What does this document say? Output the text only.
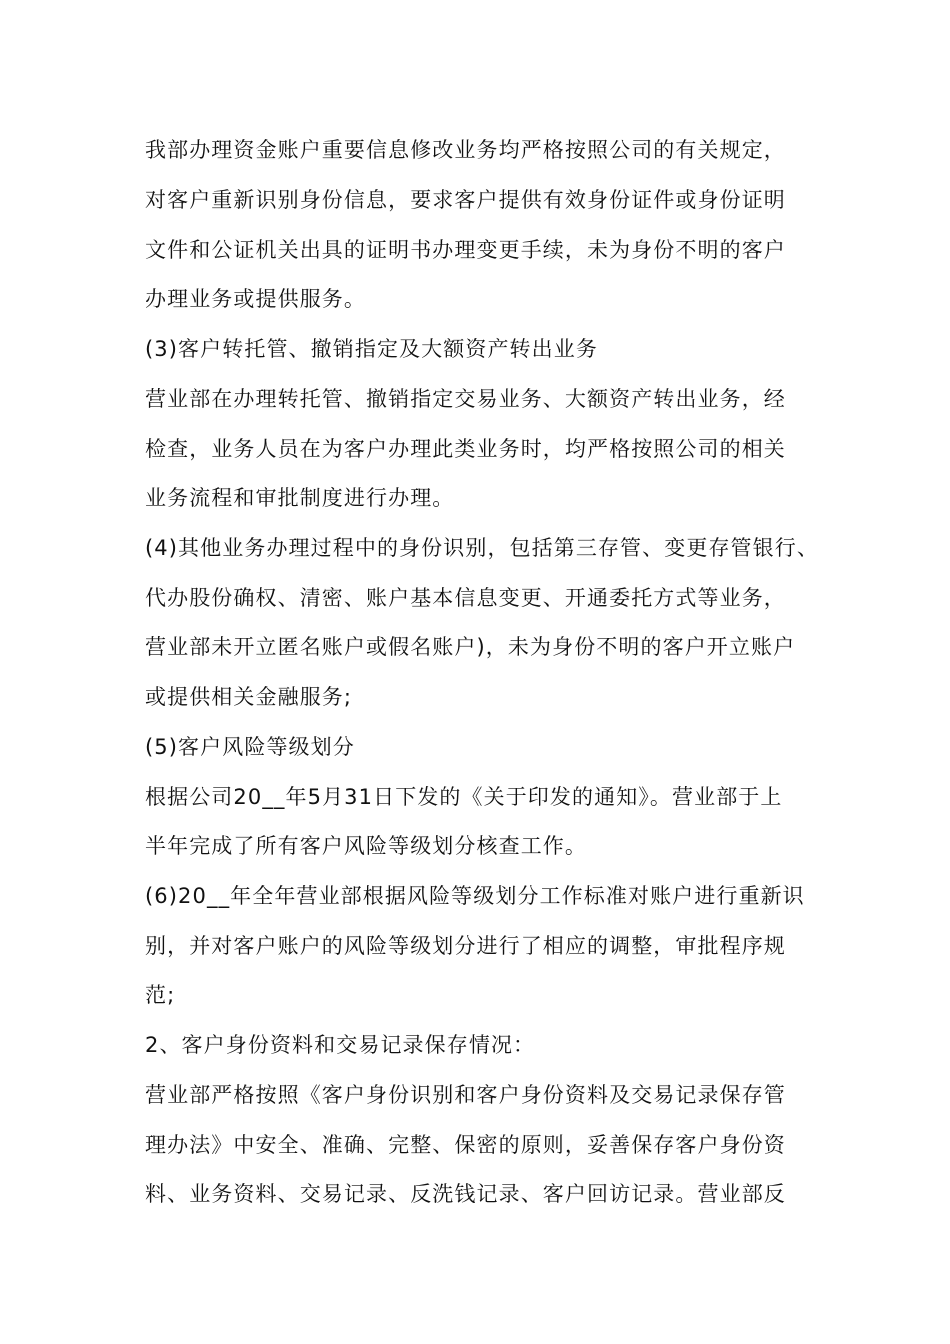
我部办理资金账户重要信息修改业务均严格按照公司的有关规定，
对客户重新识别身份信息，要求客户提供有效身份证件或身份证明
文件和公证机关出具的证明书办理变更手续，未为身份不明的客户
办理业务或提供服务。
(3)客户转托管、撤销指定及大额资产转出业务
营业部在办理转托管、撤销指定交易业务、大额资产转出业务，经
检查，业务人员在为客户办理此类业务时，均严格按照公司的相关
业务流程和审批制度进行办理。
(4)其他业务办理过程中的身份识别，包括第三存管、变更存管银行、
代办股份确权、清密、账户基本信息变更、开通委托方式等业务，
营业部未开立匿名账户或假名账户)，未为身份不明的客户开立账户
或提供相关金融服务;
(5)客户风险等级划分
根据公司20__年5月31日下发的《关于印发的通知》。营业部于上
半年完成了所有客户风险等级划分核查工作。
(6)20__年全年营业部根据风险等级划分工作标准对账户进行重新识
别，并对客户账户的风险等级划分进行了相应的调整，审批程序规
范;
2、客户身份资料和交易记录保存情况：
营业部严格按照《客户身份识别和客户身份资料及交易记录保存管
理办法》中安全、准确、完整、保密的原则，妥善保存客户身份资
料、业务资料、交易记录、反洗钱记录、客户回访记录。营业部反
